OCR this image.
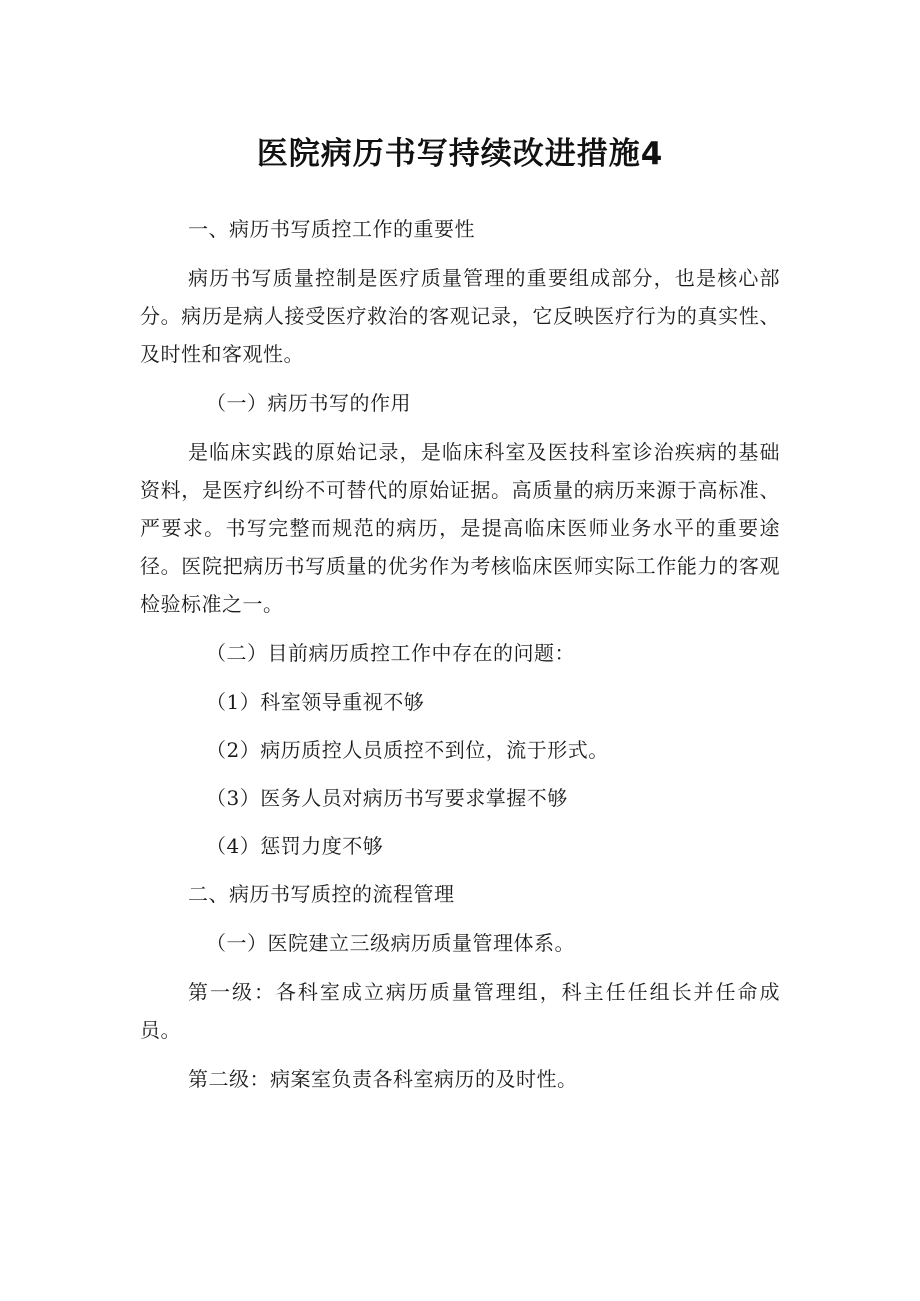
医院病历书写持续改进措施4

一、病历书写质控工作的重要性

病历书写质量控制是医疗质量管理的重要组成部分，也是核心部分。病历是病人接受医疗救治的客观记录，它反映医疗行为的真实性、及时性和客观性。

（一）病历书写的作用

是临床实践的原始记录，是临床科室及医技科室诊治疾病的基础资料，是医疗纠纷不可替代的原始证据。高质量的病历来源于高标准、严要求。书写完整而规范的病历，是提高临床医师业务水平的重要途径。医院把病历书写质量的优劣作为考核临床医师实际工作能力的客观检验标准之一。

（二）目前病历质控工作中存在的问题：

（1）科室领导重视不够

（2）病历质控人员质控不到位，流于形式。

（3）医务人员对病历书写要求掌握不够

（4）惩罚力度不够

二、病历书写质控的流程管理

（一）医院建立三级病历质量管理体系。

第一级：各科室成立病历质量管理组，科主任任组长并任命成员。

第二级：病案室负责各科室病历的及时性。
